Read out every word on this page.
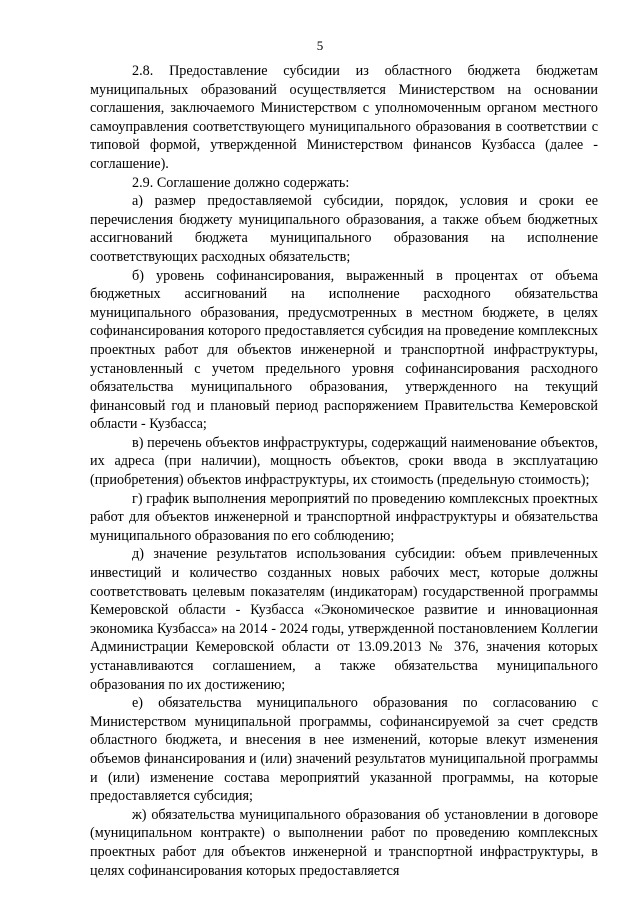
5

2.8. Предоставление субсидии из областного бюджета бюджетам муниципальных образований осуществляется Министерством на основании соглашения, заключаемого Министерством с уполномоченным органом местного самоуправления соответствующего муниципального образования в соответствии с типовой формой, утвержденной Министерством финансов Кузбасса (далее - соглашение).

2.9. Соглашение должно содержать:

а) размер предоставляемой субсидии, порядок, условия и сроки ее перечисления бюджету муниципального образования, а также объем бюджетных ассигнований бюджета муниципального образования на исполнение соответствующих расходных обязательств;

б) уровень софинансирования, выраженный в процентах от объема бюджетных ассигнований на исполнение расходного обязательства муниципального образования, предусмотренных в местном бюджете, в целях софинансирования которого предоставляется субсидия на проведение комплексных проектных работ для объектов инженерной и транспортной инфраструктуры, установленный с учетом предельного уровня софинансирования расходного обязательства муниципального образования, утвержденного на текущий финансовый год и плановый период распоряжением Правительства Кемеровской области - Кузбасса;

в) перечень объектов инфраструктуры, содержащий наименование объектов, их адреса (при наличии), мощность объектов, сроки ввода в эксплуатацию (приобретения) объектов инфраструктуры, их стоимость (предельную стоимость);

г) график выполнения мероприятий по проведению комплексных проектных работ для объектов инженерной и транспортной инфраструктуры и обязательства муниципального образования по его соблюдению;

д) значение результатов использования субсидии: объем привлеченных инвестиций и количество созданных новых рабочих мест, которые должны соответствовать целевым показателям (индикаторам) государственной программы Кемеровской области - Кузбасса «Экономическое развитие и инновационная экономика Кузбасса» на 2014 - 2024 годы, утвержденной постановлением Коллегии Администрации Кемеровской области от 13.09.2013 № 376, значения которых устанавливаются соглашением, а также обязательства муниципального образования по их достижению;

е) обязательства муниципального образования по согласованию с Министерством муниципальной программы, софинансируемой за счет средств областного бюджета, и внесения в нее изменений, которые влекут изменения объемов финансирования и (или) значений результатов муниципальной программы и (или) изменение состава мероприятий указанной программы, на которые предоставляется субсидия;

ж) обязательства муниципального образования об установлении в договоре (муниципальном контракте) о выполнении работ по проведению комплексных проектных работ для объектов инженерной и транспортной инфраструктуры, в целях софинансирования которых предоставляется
